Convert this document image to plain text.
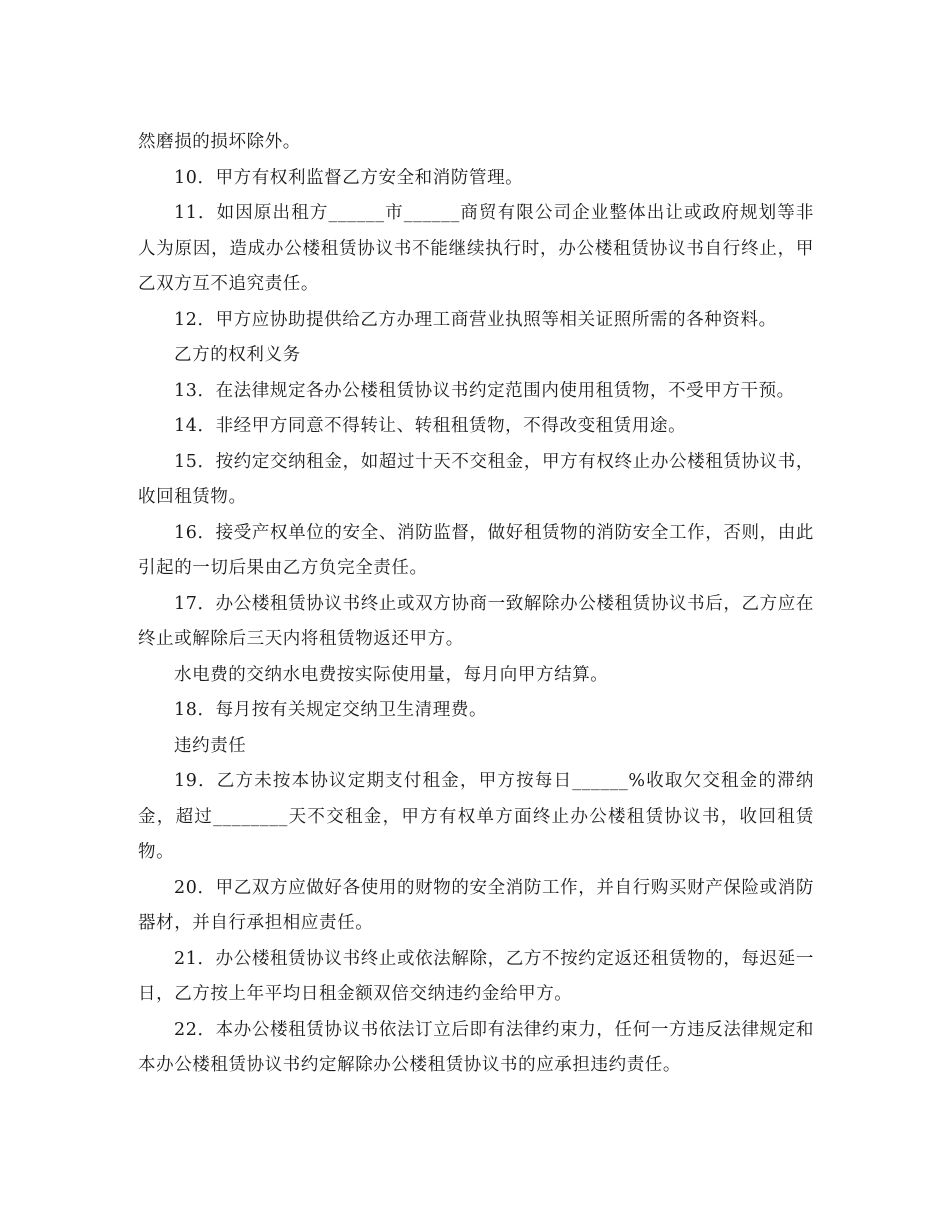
然磨损的损坏除外。

10．甲方有权利监督乙方安全和消防管理。

11．如因原出租方______市______商贸有限公司企业整体出让或政府规划等非人为原因，造成办公楼租赁协议书不能继续执行时，办公楼租赁协议书自行终止，甲乙双方互不追究责任。

12．甲方应协助提供给乙方办理工商营业执照等相关证照所需的各种资料。

乙方的权利义务

13．在法律规定各办公楼租赁协议书约定范围内使用租赁物，不受甲方干预。

14．非经甲方同意不得转让、转租租赁物，不得改变租赁用途。

15．按约定交纳租金，如超过十天不交租金，甲方有权终止办公楼租赁协议书，收回租赁物。

16．接受产权单位的安全、消防监督，做好租赁物的消防安全工作，否则，由此引起的一切后果由乙方负完全责任。

17．办公楼租赁协议书终止或双方协商一致解除办公楼租赁协议书后，乙方应在终止或解除后三天内将租赁物返还甲方。

水电费的交纳水电费按实际使用量，每月向甲方结算。

18．每月按有关规定交纳卫生清理费。

违约责任

19．乙方未按本协议定期支付租金，甲方按每日______%收取欠交租金的滞纳金，超过________天不交租金，甲方有权单方面终止办公楼租赁协议书，收回租赁物。

20．甲乙双方应做好各使用的财物的安全消防工作，并自行购买财产保险或消防器材，并自行承担相应责任。

21．办公楼租赁协议书终止或依法解除，乙方不按约定返还租赁物的，每迟延一日，乙方按上年平均日租金额双倍交纳违约金给甲方。

22．本办公楼租赁协议书依法订立后即有法律约束力，任何一方违反法律规定和本办公楼租赁协议书约定解除办公楼租赁协议书的应承担违约责任。
